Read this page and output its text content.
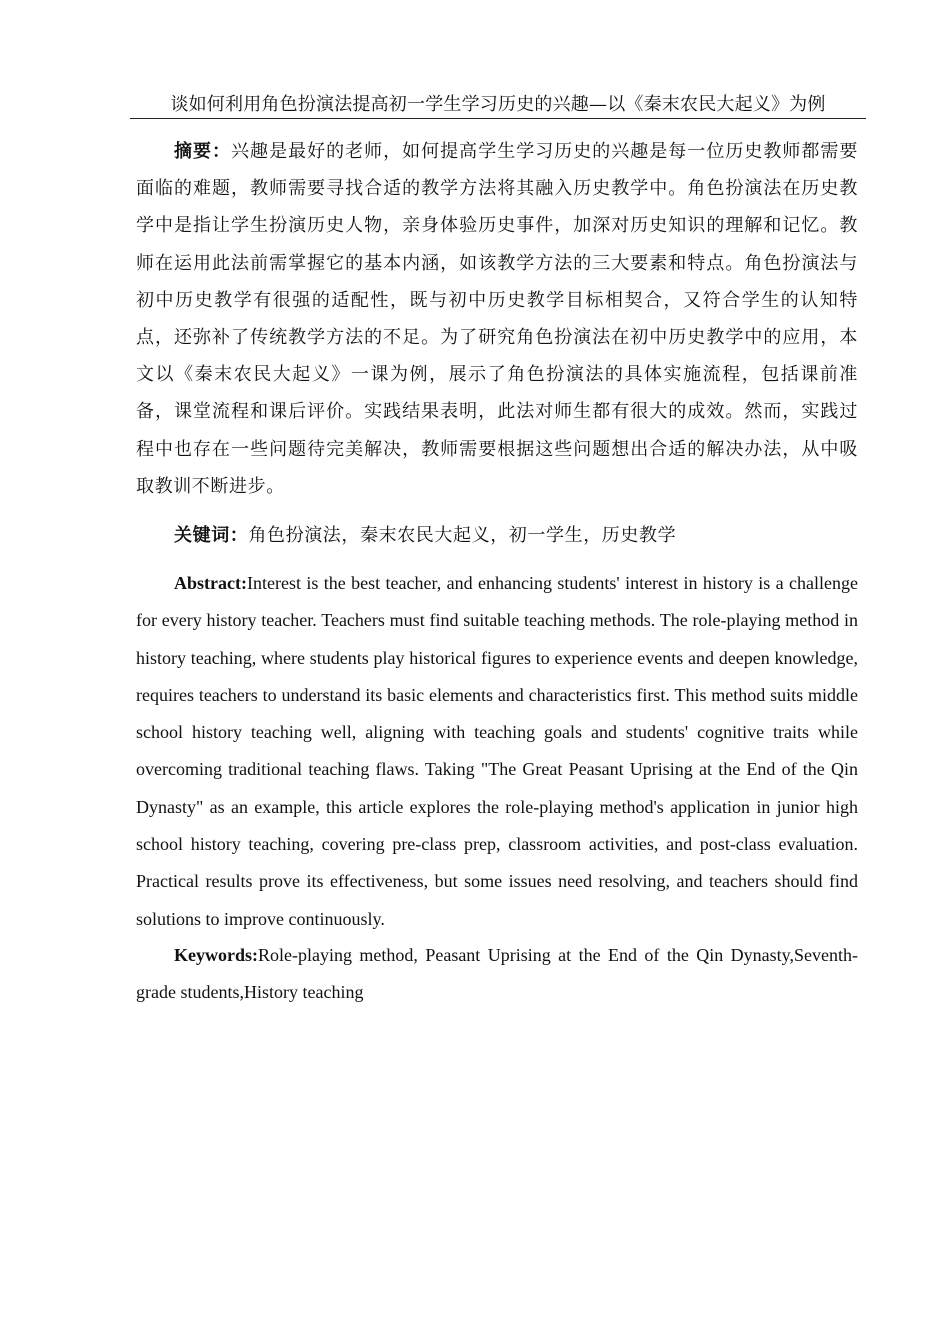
谈如何利用角色扮演法提高初一学生学习历史的兴趣—以《秦末农民大起义》为例

摘要：兴趣是最好的老师，如何提高学生学习历史的兴趣是每一位历史教师都需要面临的难题，教师需要寻找合适的教学方法将其融入历史教学中。角色扮演法在历史教学中是指让学生扮演历史人物，亲身体验历史事件，加深对历史知识的理解和记忆。教师在运用此法前需掌握它的基本内涵，如该教学方法的三大要素和特点。角色扮演法与初中历史教学有很强的适配性，既与初中历史教学目标相契合，又符合学生的认知特点，还弥补了传统教学方法的不足。为了研究角色扮演法在初中历史教学中的应用，本文以《秦末农民大起义》一课为例，展示了角色扮演法的具体实施流程，包括课前准备，课堂流程和课后评价。实践结果表明，此法对师生都有很大的成效。然而，实践过程中也存在一些问题待完美解决，教师需要根据这些问题想出合适的解决办法，从中吸取教训不断进步。

关键词：角色扮演法，秦末农民大起义，初一学生，历史教学

Abstract:Interest is the best teacher, and enhancing students' interest in history is a challenge for every history teacher. Teachers must find suitable teaching methods. The role-playing method in history teaching, where students play historical figures to experience events and deepen knowledge, requires teachers to understand its basic elements and characteristics first. This method suits middle school history teaching well, aligning with teaching goals and students' cognitive traits while overcoming traditional teaching flaws. Taking "The Great Peasant Uprising at the End of the Qin Dynasty" as an example, this article explores the role-playing method's application in junior high school history teaching, covering pre-class prep, classroom activities, and post-class evaluation. Practical results prove its effectiveness, but some issues need resolving, and teachers should find solutions to improve continuously.

Keywords:Role-playing method, Peasant Uprising at the End of the Qin Dynasty,Seventh-grade students,History teaching
